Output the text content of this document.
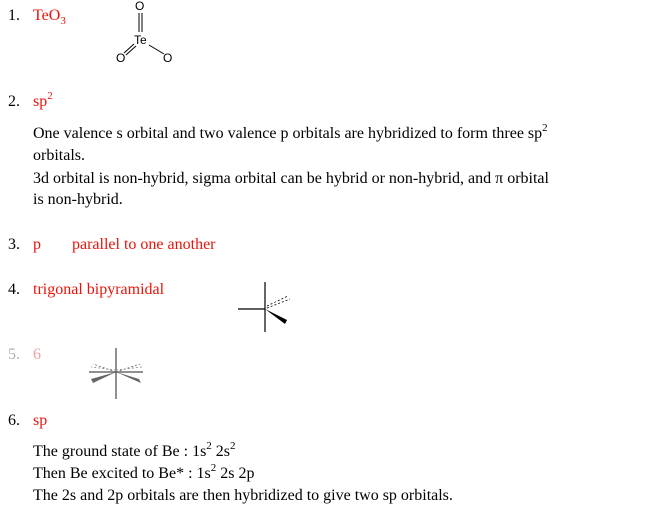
1. TeO$_3$
O
Te
O	O
2. $sp^2$
One valence s orbital and two valence p orbitals are hybridized to form three $sp^2$
orbitals.
3d orbital is non-hybrid, sigma orbital can be hybrid or non-hybrid, and π orbital
is non-hybrid.
3. p parallel to one another
4. trigonal bipyramidal
5. 6
6. sp
The ground state of Be : $1s^2$ $2s^2$
Then Be excited to Be* : $1s^2$ 2s 2p
The 2s and 2p orbitals are then hybridized to give two sp orbitals.
